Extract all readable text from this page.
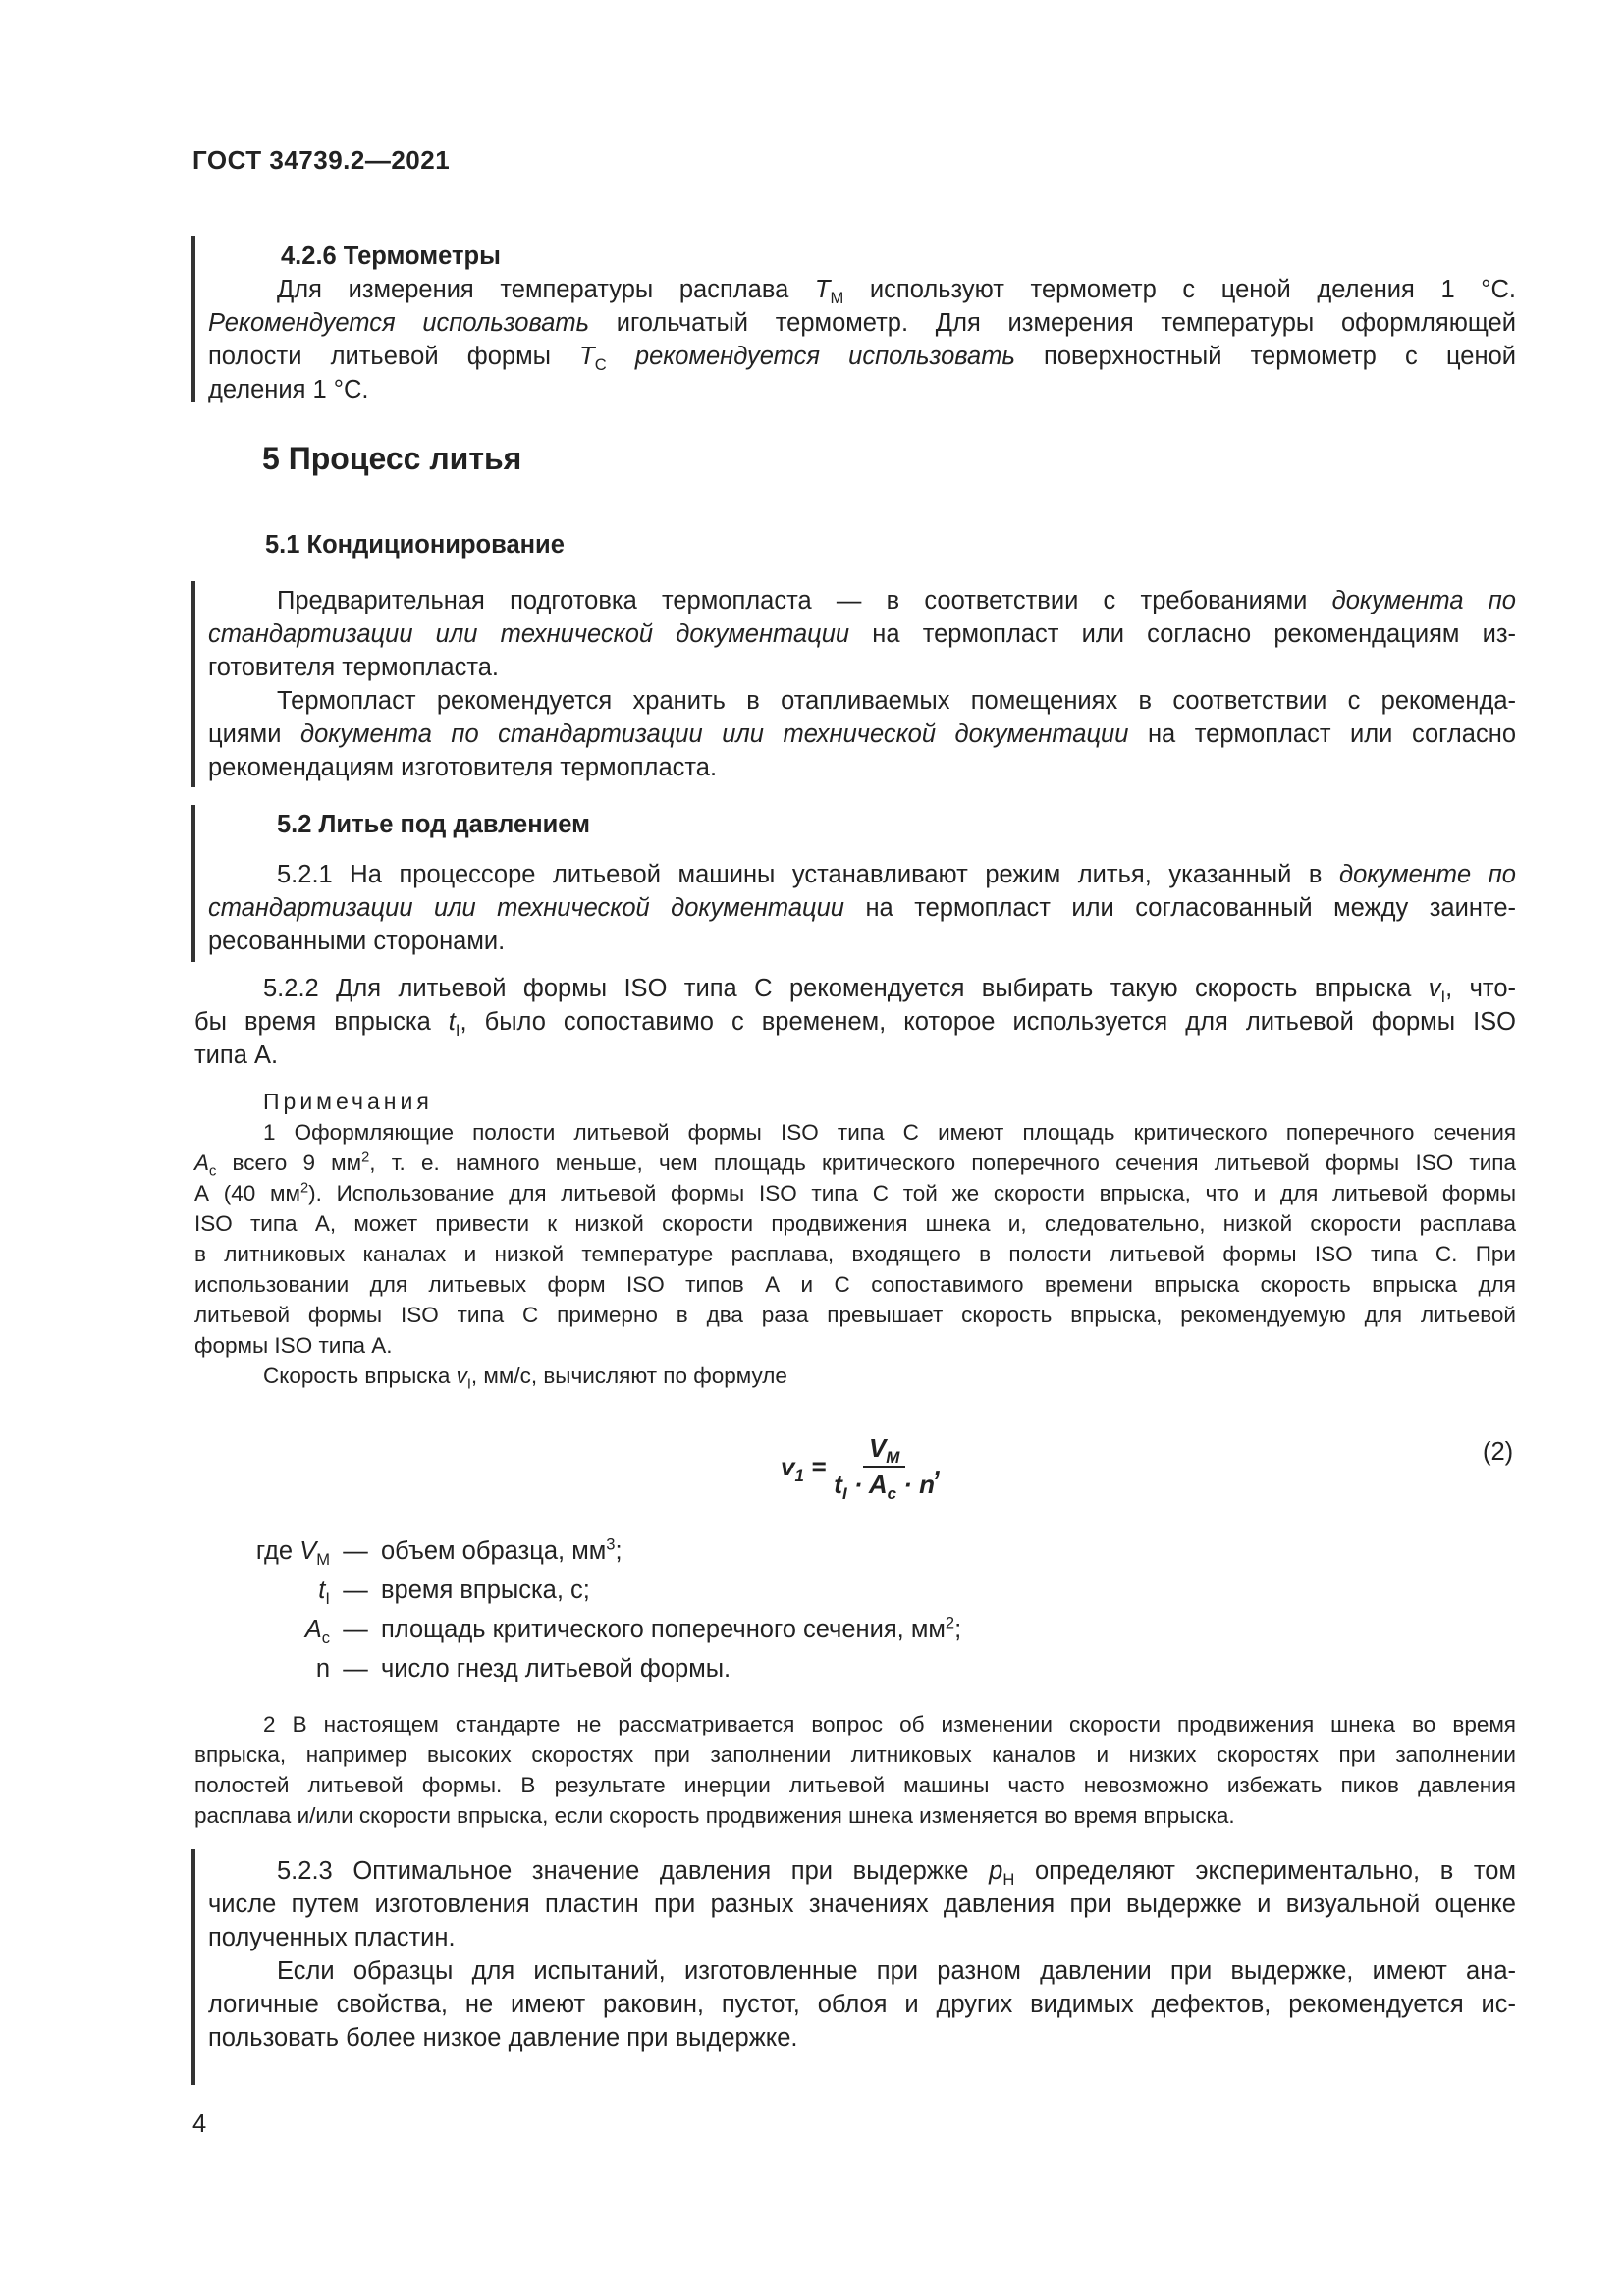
ГОСТ 34739.2—2021
4.2.6 Термометры
Для измерения температуры расплава $T_M$ используют термометр с ценой деления 1 °C.
Рекомендуется использовать игольчатый термометр. Для измерения температуры оформляющей
полости литьевой формы $T_C$ рекомендуется использовать поверхностный термометр с ценой
деления 1 °C.
5 Процесс литья
5.1 Кондиционирование
Предварительная подготовка термопласта — в соответствии с требованиями документа по
стандартизации или технической документации на термопласт или согласно рекомендациям из-
готовителя термопласта.
Термопласт рекомендуется хранить в отапливаемых помещениях в соответствии с рекоменда-
циями документа по стандартизации или технической документации на термопласт или согласно
рекомендациям изготовителя термопласта.
5.2 Литье под давлением
5.2.1 На процессоре литьевой машины устанавливают режим литья, указанный в документе по
стандартизации или технической документации на термопласт или согласованный между заинте-
ресованными сторонами.
5.2.2 Для литьевой формы ISO типа С рекомендуется выбирать такую скорость впрыска $v_I$, что-
бы время впрыска $t_I$, было сопоставимо с временем, которое используется для литьевой формы ISO
типа А.
Примечания
1 Оформляющие полости литьевой формы ISO типа С имеют площадь критического поперечного сечения
$A_c$ всего 9 $мм^2$, т. е. намного меньше, чем площадь критического поперечного сечения литьевой формы ISO типа
А (40 $мм^2$). Использование для литьевой формы ISO типа С той же скорости впрыска, что и для литьевой формы
ISO типа А, может привести к низкой скорости продвижения шнека и, следовательно, низкой скорости расплава
в литниковых каналах и низкой температуре расплава, входящего в полости литьевой формы ISO типа С. При
использовании для литьевых форм ISO типов А и С сопоставимого времени впрыска скорость впрыска для
литьевой формы ISO типа С примерно в два раза превышает скорость впрыска, рекомендуемую для литьевой
формы ISO типа А.
Скорость впрыска $v_I$, мм/с, вычисляют по формуле
$v_1 = \frac{V_M}{t_I \cdot A_c \cdot n}$ ,	(2)
где $V_M$ — объем образца, $мм^3$;
$t_I$ — время впрыска, с;
$A_c$ — площадь критического поперечного сечения, $мм^2$;
n — число гнезд литьевой формы.
2 В настоящем стандарте не рассматривается вопрос об изменении скорости продвижения шнека во время
впрыска, например высоких скоростях при заполнении литниковых каналов и низких скоростях при заполнении
полостей литьевой формы. В результате инерции литьевой машины часто невозможно избежать пиков давления
расплава и/или скорости впрыска, если скорость продвижения шнека изменяется во время впрыска.
5.2.3 Оптимальное значение давления при выдержке $p_H$ определяют экспериментально, в том
числе путем изготовления пластин при разных значениях давления при выдержке и визуальной оценке
полученных пластин.
Если образцы для испытаний, изготовленные при разном давлении при выдержке, имеют ана-
логичные свойства, не имеют раковин, пустот, облоя и других видимых дефектов, рекомендуется ис-
пользовать более низкое давление при выдержке.
4
